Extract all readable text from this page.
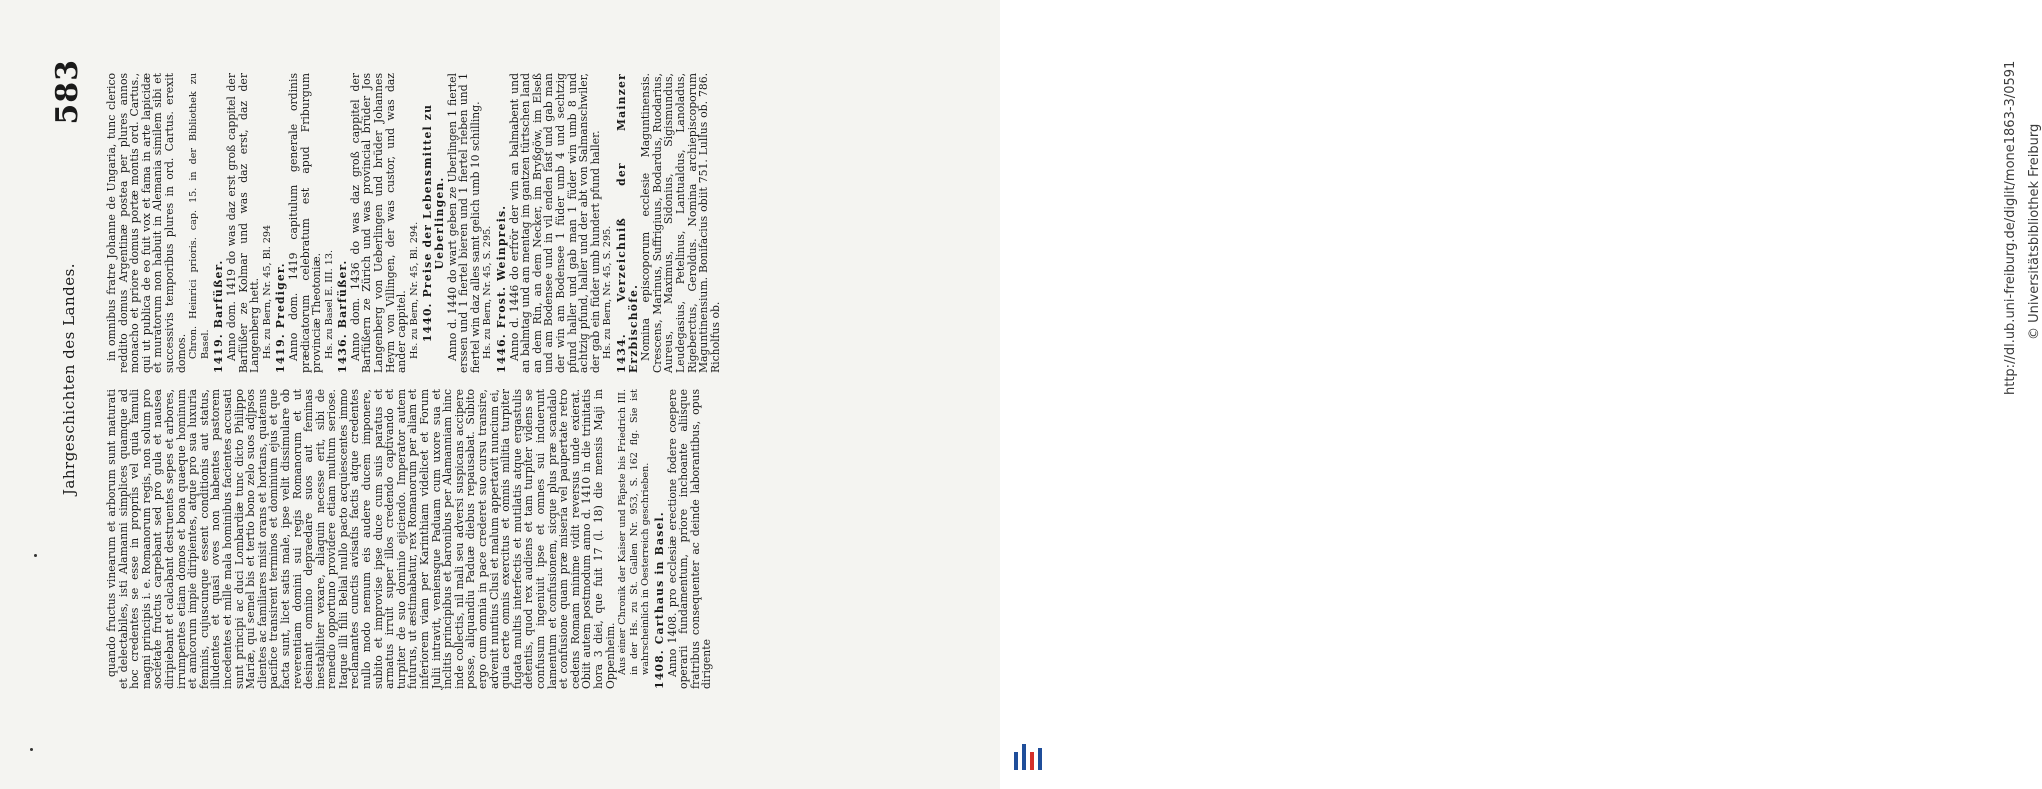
Jahrgeschichten des Landes.
583

quando fructus vinearum et arborum sunt maturati et delectabiles, isti Alamanni simplices quamque ad hoc credentes se esse in propriis vel quia famuli magni principis i. e. Romanorum regis, non solum pro sociétate fructus carpebant sed pro gula et nausea diripiebant et calcabant destruentes sepes et arbores, irrumpentes etiam domos et bona quaeque hominum et amicorum impie diripientes, atque pro sua luxuria feminis, cujuscunque essent conditionis aut status, illudentes et quasi oves non habentes pastorem incedentes et mille mala hominibus facientes accusati sunt principi ac duci Lombardiæ tunc dicto Philippo Mariæ, qui semel bis et tertio bono zelo suos adjpsos clientes ac familiares misit orans et hortans, quatenus pacifice transirent terminos et dominium ejus et que facta sunt, licet satis male, ipse velit dissimulare ob reverentiam domini sui regis Romanorum et ut desinant omnino depraedare suos aut feminas inestabiliter vexare, aliaquin necesse erit, sibi de remedio opportuno providere etiam multum seriose. Itaque illi filii Belial nullo pacto acquiescentes immo reclamantes cunctis avisatis factis atque credentes nullo modo nemum eis audere ducem imponere, subito et improvise ipse duce cum suis paratus et armatus irruit super illos credendo captivando et turpiter de suo dominio ejiciendo. Imperator autem futurus, ut æstimabatur, rex Romanorum per aliam et inferiorem viam per Karinthiam videlicet et Forum Julii intravit, veniensque Paduam cum uxore sua et inclitis principibus et baronibus per Alamanniam hinc inde collectis, nil mali seu adversi suspicans accipere posse, aliquandiu Paduæ diebus repausabat. Subito ergo cum omnia in pace crederet suo cursu transire, advenit nuntius Clusi et malum appertavit nuncium ei, quia certe omnis exercitus et omnis militia turpiter fugata multis interfectis et mutilatis atque ergastulis detentis, quod rex audiens et tam turpiter videns se confusum ingeniuit ipse et omnes sui induerunt lamentum et confusionem, sicque plus præ scandalo et confusione quam præ miseria vel paupertate retro cedens Romam minime vidit reversus unde exierat. Obiit autem postmodum anno d. 1410 in die trinitatis hora 3 diei, que fuit 17 (l. 18) die mensis Maji in Oppenheim. Aus einer Chronik der Kaiser und Päpste bis Friedrich III. in der Hs. zu St. Gallen Nr. 953, S. 162 flg. Sie ist wahrscheinlich in Oesterreich geschrieben. 1408. Carthaus in Basel. Anno 1408. pro ecclesiæ erectione fodere coepere operarii fundamentum, priore inchoante aliisque fratribus consequenter ac deinde laborantibus, opus dirigente

in omnibus fratre Johanne de Ungaria, tunc clerico reddito domus Argentinæ postea per plures annos monacho et priore domus portæ montis ord. Cartus., qui ut publica de eo fuit vox et fama in arte lapicidæ et muratorum non habuit in Alemania similem sibi et successivis temporibus plures in ord. Cartus. erexit domos. Chron. Heinrici prioris. cap. 15. in der Bibliothek zu Basel. 1419. Barfüßer. Anno dom. 1419 do was daz erst groß cappitel der Barfüßer ze Kolmar und was daz erst, daz der Langenberg hett. Hs. zu Bern, Nr. 45, Bl. 294 1419. Prediger. Anno dom. 1419 capitulum generale ordinis prædicatorum celebratum est apud Friburgum provinciæ Theotoniæ. Hs. zu Basel E. III. 13. 1436. Barfüßer. Anno dom. 1436 do was daz groß cappitel der Barfüßern ze Zürich und was provincial brüder Jos Langenberg von Ueberlingen und brüder Johannes Heym von Villingen, der was custor, und was daz ander cappitel. Hs. zu Bern, Nr. 45, Bl. 294. 1440. Preise der Lebensmittel zu Ueberlingen. Anno d. 1440 do wart geben ze Uberlingen 1 fiertel erssen und 1 fiertel bieren und 1 fiertel rieben und 1 fiertel win daz alles samt gelich umb 10 schilling. Hs. zu Bern, Nr. 45, S. 295. 1446. Frost. Weinpreis. Anno d. 1446 do erfrör der win an balmabent und an balmtag und am mentag im gantzen türtschen land an dem Rin, an dem Necker, im Bryßgöw, im Elseß und am Bodensee und in vil enden fast und gab man der win am Bodensee 1 füder umb 4 und sechtzig pfund haller und gab man 1 füder win umb 8 und achtzig pfund, haller und der abt von Salmanschwiler, der gab ein füder umb hundert pfund haller. Hs. zu Bern, Nr. 45, S. 295. 1434. Verzeichniß der Mainzer Erzbischöfe. Nomina episcoporum ecclesie Maguntinensis. Crescens, Marinus, Suffrigiuus, Bodardus, Ruodarius, Aureus, Maximus, Sidonius, Sigismundus, Leudegasius, Petelinus, Lantualdus, Lanoladus, Rigeberctus, Geroldus. Nomina archiepiscoporum Maguntinensium. Bonifacius obiit 751. Lullus ob. 786. Richolfus ob.	http://dl.ub.uni-freiburg.de/diglit/mone1863-3/0591 © Universitätsbibliothek Freiburg
